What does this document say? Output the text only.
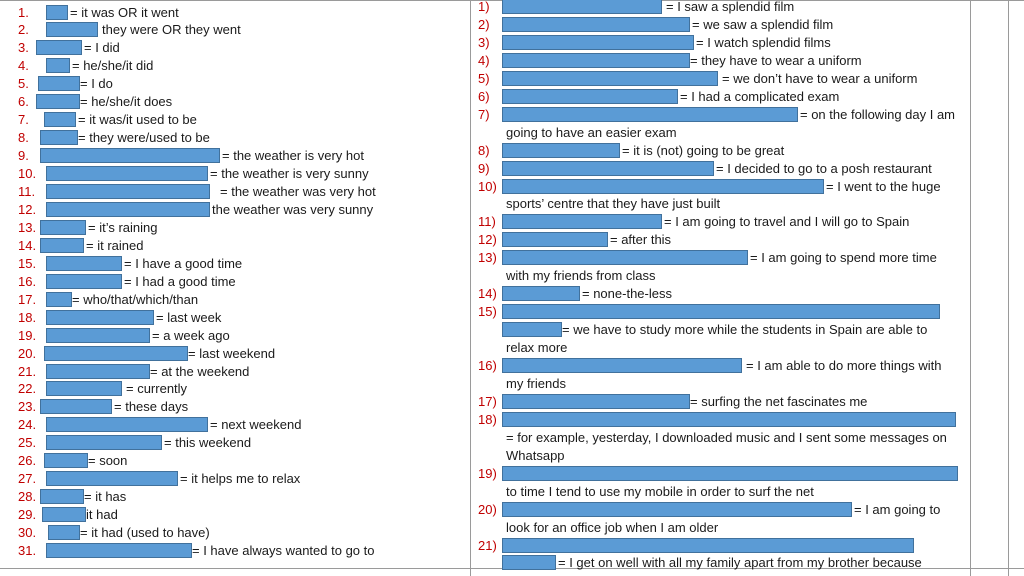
1.	= it was OR it went
2.	they were OR they went
3.	= I did
4.	= he/she/it did
5.	= I do
6.	= he/she/it does
7.	= it was/it used to be
8.	= they were/used to be
9.	= the weather is very hot
10.	= the weather is very sunny
11.	= the weather was very hot
12.	the weather was very sunny
13.	= it’s raining
14.	= it rained
15.	= I have a good time
16.	= I had a good time
17.	= who/that/which/than
18.	= last week
19.	= a week ago
20.	= last weekend
21.	= at the weekend
22.	= currently
23.	= these days
24.	= next weekend
25.	= this weekend
26.	= soon
27.	= it helps me to relax
28.	= it has
29.	it had
30.	= it had (used to have)
31.	= I have always wanted to go to
1)	= I saw a splendid film
2)	= we saw a splendid film
3)	= I watch splendid films
4)	= they have to wear a uniform
5)	= we don’t have to wear a uniform
6)	= I had a complicated exam
7)	= on the following day I am
going to have an easier exam
8)	= it is (not) going to be great
9)	= I decided to go to a posh restaurant
10)	= I went to the huge
sports’ centre that they have just built
11)	= I am going to travel and I will go to Spain
12)	= after this
13)	= I am going to spend more time
with my friends from class
14)	= none-the-less
15)
= we have to study more while the students in Spain are able to
relax more
16)	= I am able to do more things with
my friends
17)	= surfing the net fascinates me
18)
= for example, yesterday, I downloaded music and I sent some messages on
Whatsapp
19)
to time I tend to use my mobile in order to surf the net
20)	= I am going to
look for an office job when I am older
21)
= I get on well with all my family apart from my brother because
